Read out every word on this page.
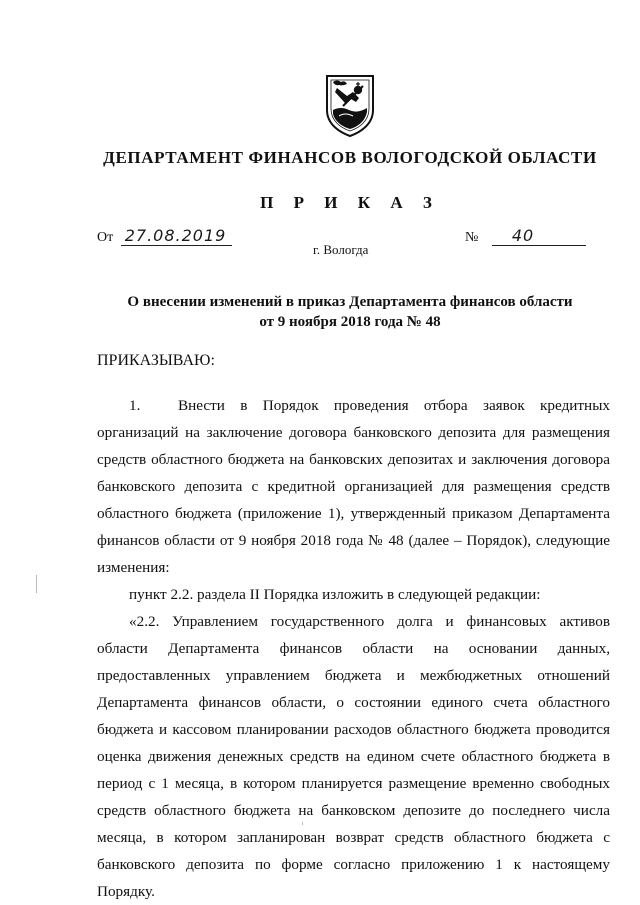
ДЕПАРТАМЕНТ ФИНАНСОВ ВОЛОГОДСКОЙ ОБЛАСТИ
П Р И К А З
От 27.08.2019	№ 40
г. Вологда
О внесении изменений в приказ Департамента финансов области
от 9 ноября 2018 года № 48
ПРИКАЗЫВАЮ:

1. Внести в Порядок проведения отбора заявок кредитных организаций на заключение договора банковского депозита для размещения средств областного бюджета на банковских депозитах и заключения договора банковского депозита с кредитной организацией для размещения средств областного бюджета (приложение 1), утвержденный приказом Департамента финансов области от 9 ноября 2018 года № 48 (далее – Порядок), следующие изменения:

пункт 2.2. раздела II Порядка изложить в следующей редакции:

«2.2. Управлением государственного долга и финансовых активов области Департамента финансов области на основании данных, предоставленных управлением бюджета и межбюджетных отношений Департамента финансов области, о состоянии единого счета областного бюджета и кассовом планировании расходов областного бюджета проводится оценка движения денежных средств на едином счете областного бюджета в период с 1 месяца, в котором планируется размещение временно свободных средств областного бюджета на банковском депозите до последнего числа месяца, в котором запланирован возврат средств областного бюджета с банковского депозита по форме согласно приложению 1 к настоящему Порядку.
